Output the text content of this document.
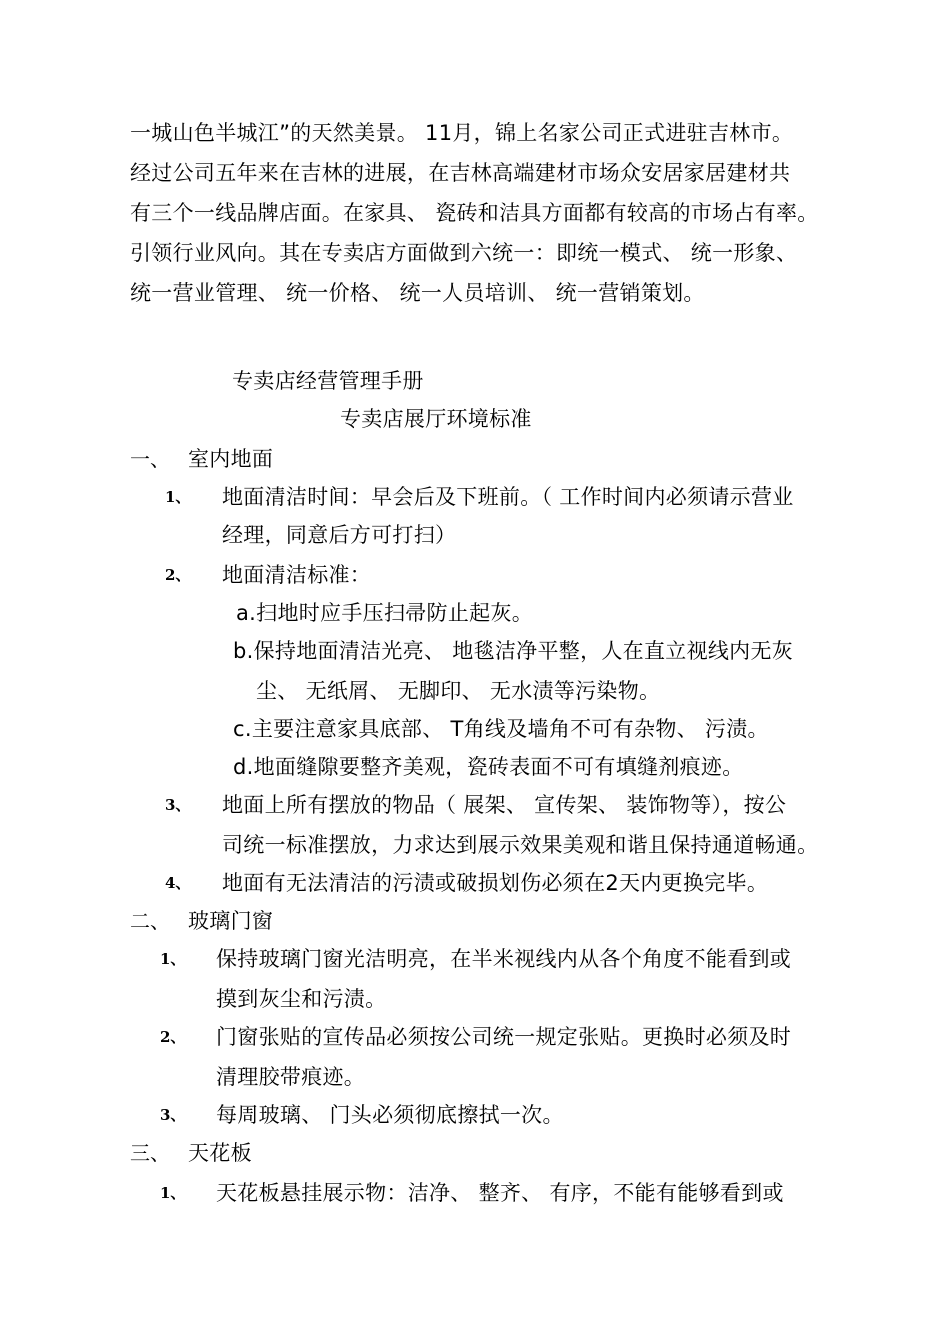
一城山色半城江”的天然美景。 11月，锦上名家公司正式进驻吉林市。
经过公司五年来在吉林的进展，在吉林高端建材市场众安居家居建材共
有三个一线品牌店面。在家具、 瓷砖和洁具方面都有较高的市场占有率。
引领行业风向。其在专卖店方面做到六统一：即统一模式、 统一形象、
统一营业管理、 统一价格、 统一人员培训、 统一营销策划。
专卖店经营管理手册
专卖店展厅环境标准
一、 室内地面
1、 地面清洁时间：早会后及下班前。（ 工作时间内必须请示营业
经理，同意后方可打扫）
2、 地面清洁标准：
a.扫地时应手压扫帚防止起灰。
b.保持地面清洁光亮、 地毯洁净平整，人在直立视线内无灰
尘、 无纸屑、 无脚印、 无水渍等污染物。
c.主要注意家具底部、 T角线及墙角不可有杂物、 污渍。
d.地面缝隙要整齐美观，瓷砖表面不可有填缝剂痕迹。
3、 地面上所有摆放的物品（ 展架、 宣传架、 装饰物等），按公
司统一标准摆放，力求达到展示效果美观和谐且保持通道畅通。
4、 地面有无法清洁的污渍或破损划伤必须在2天内更换完毕。
二、 玻璃门窗
1、 保持玻璃门窗光洁明亮，在半米视线内从各个角度不能看到或
摸到灰尘和污渍。
2、 门窗张贴的宣传品必须按公司统一规定张贴。更换时必须及时
清理胶带痕迹。
3、 每周玻璃、 门头必须彻底擦拭一次。
三、 天花板
1、 天花板悬挂展示物：洁净、 整齐、 有序，不能有能够看到或
